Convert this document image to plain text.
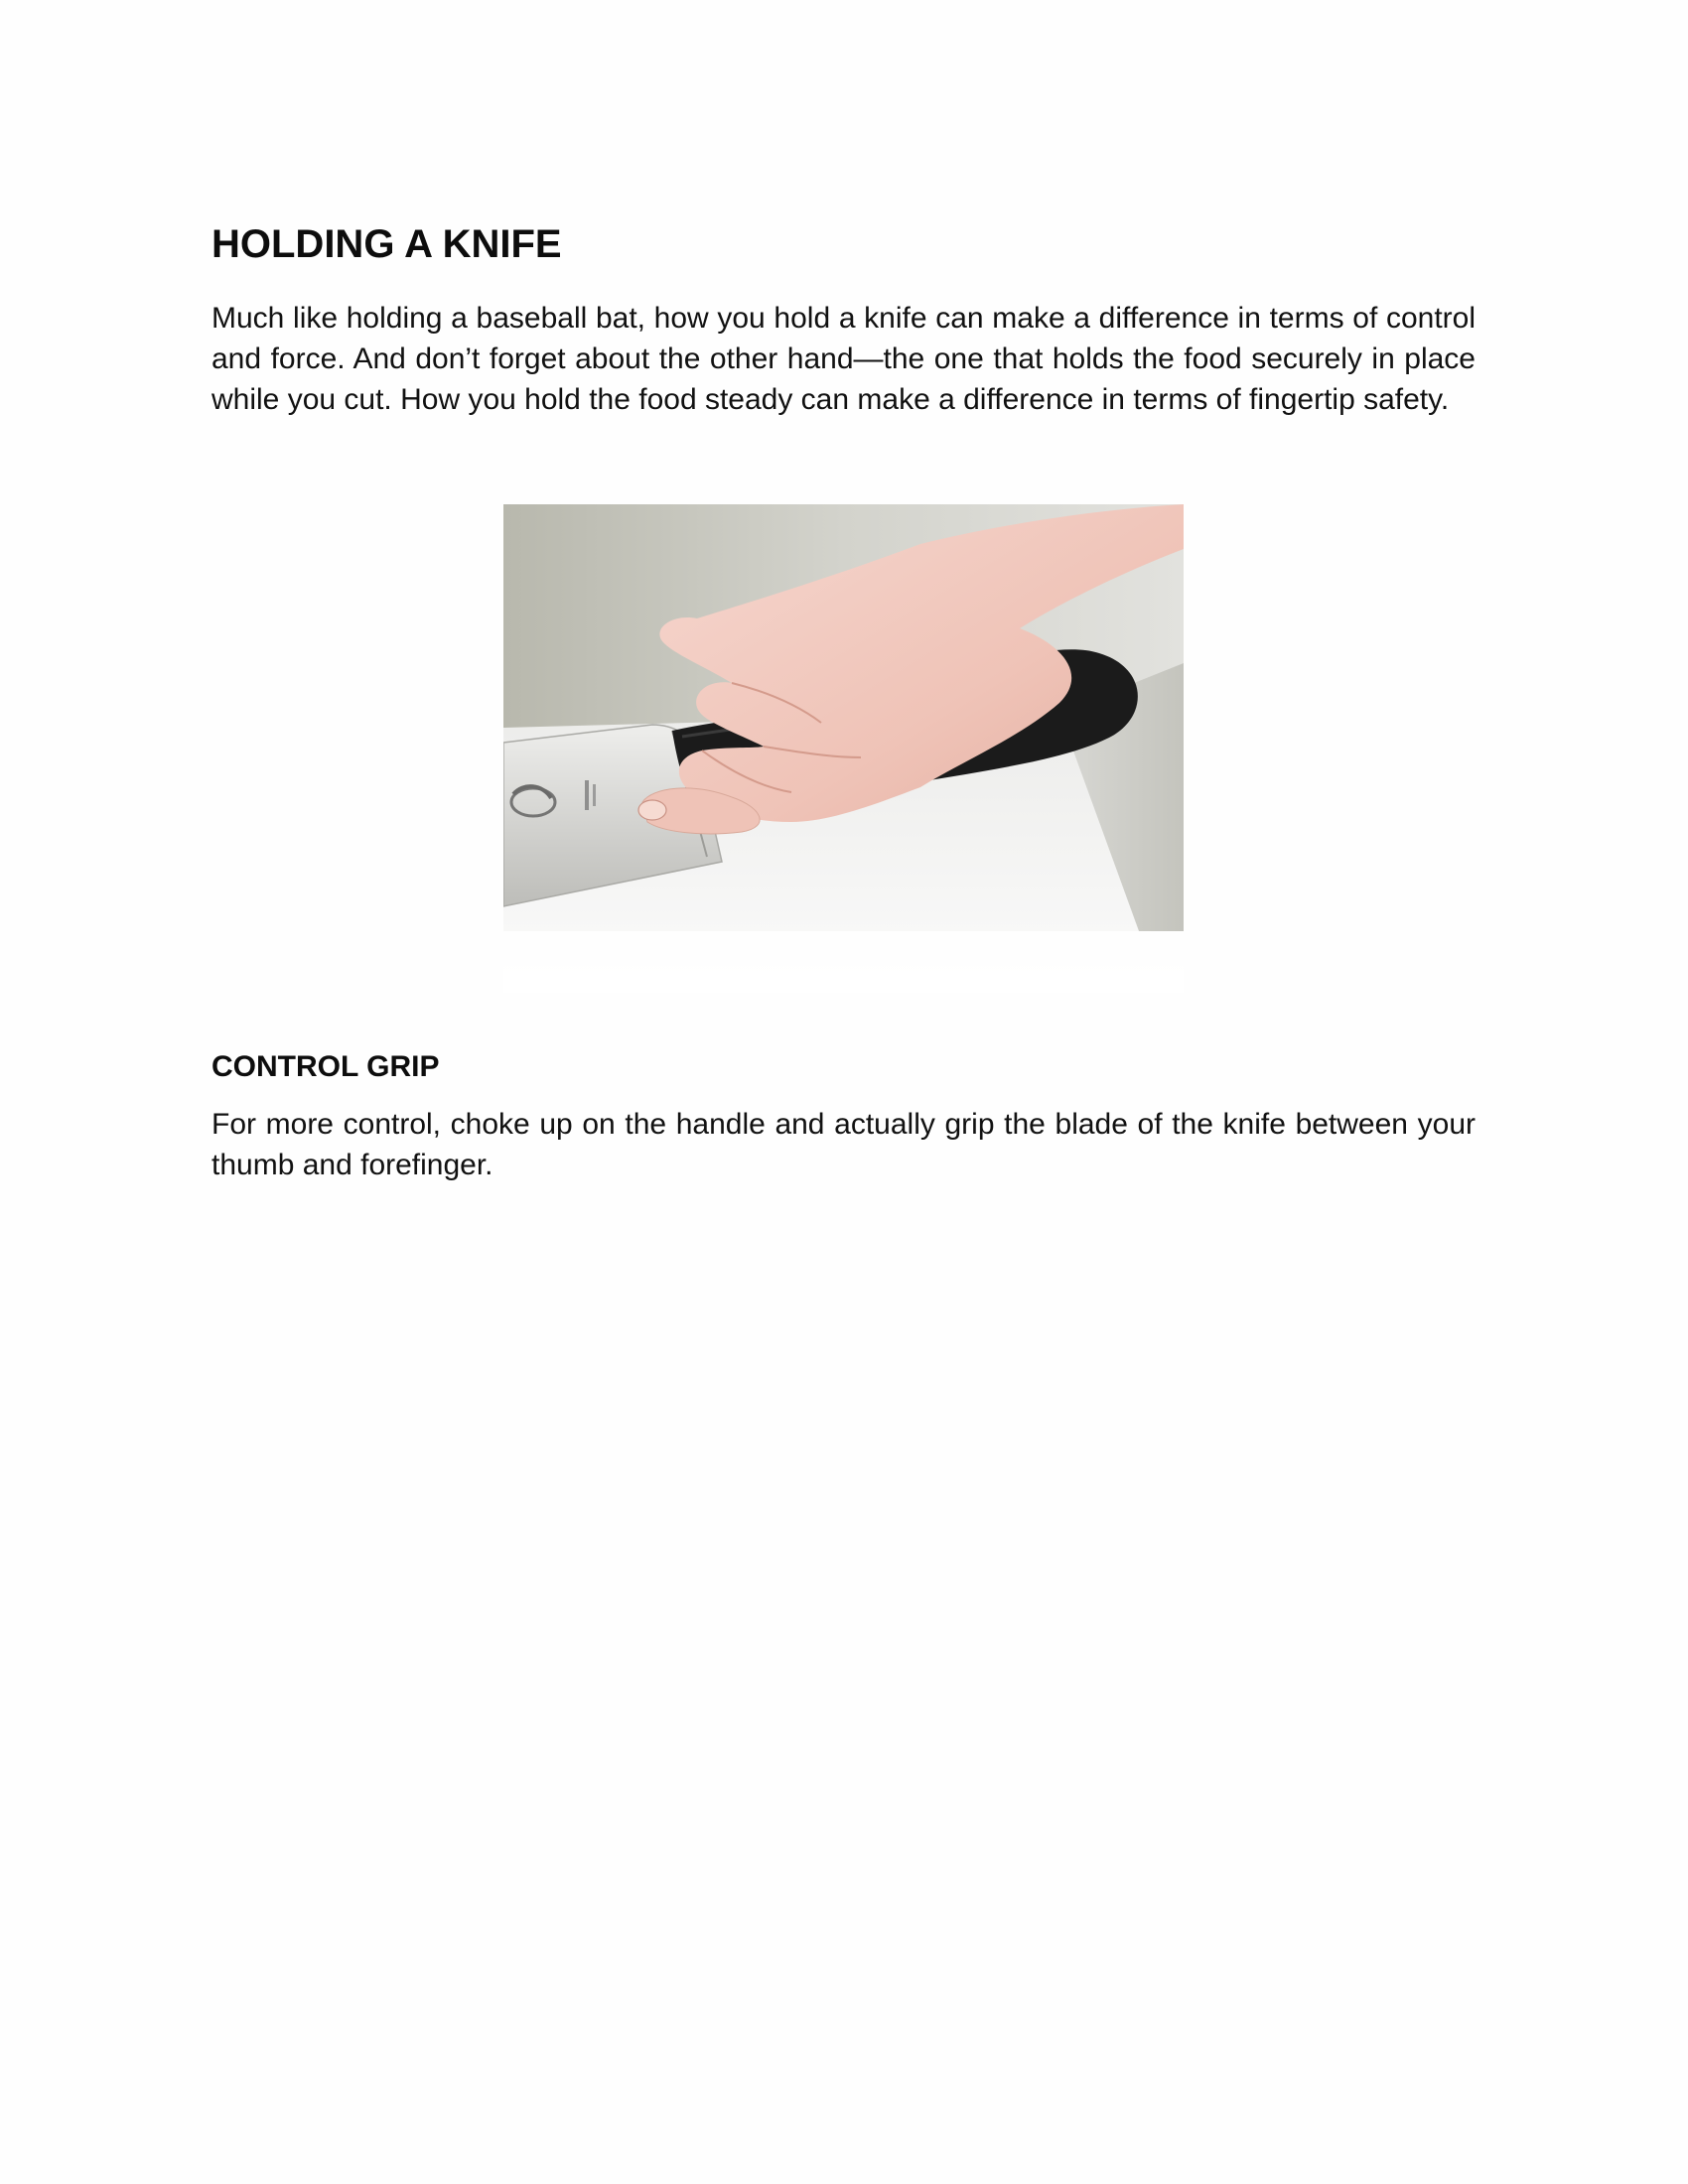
HOLDING A KNIFE

Much like holding a baseball bat, how you hold a knife can make a difference in terms of control and force. And don’t forget about the other hand—the one that holds the food securely in place while you cut. How you hold the food steady can make a difference in terms of fingertip safety.

CONTROL GRIP

For more control, choke up on the handle and actually grip the blade of the knife between your thumb and forefinger.
